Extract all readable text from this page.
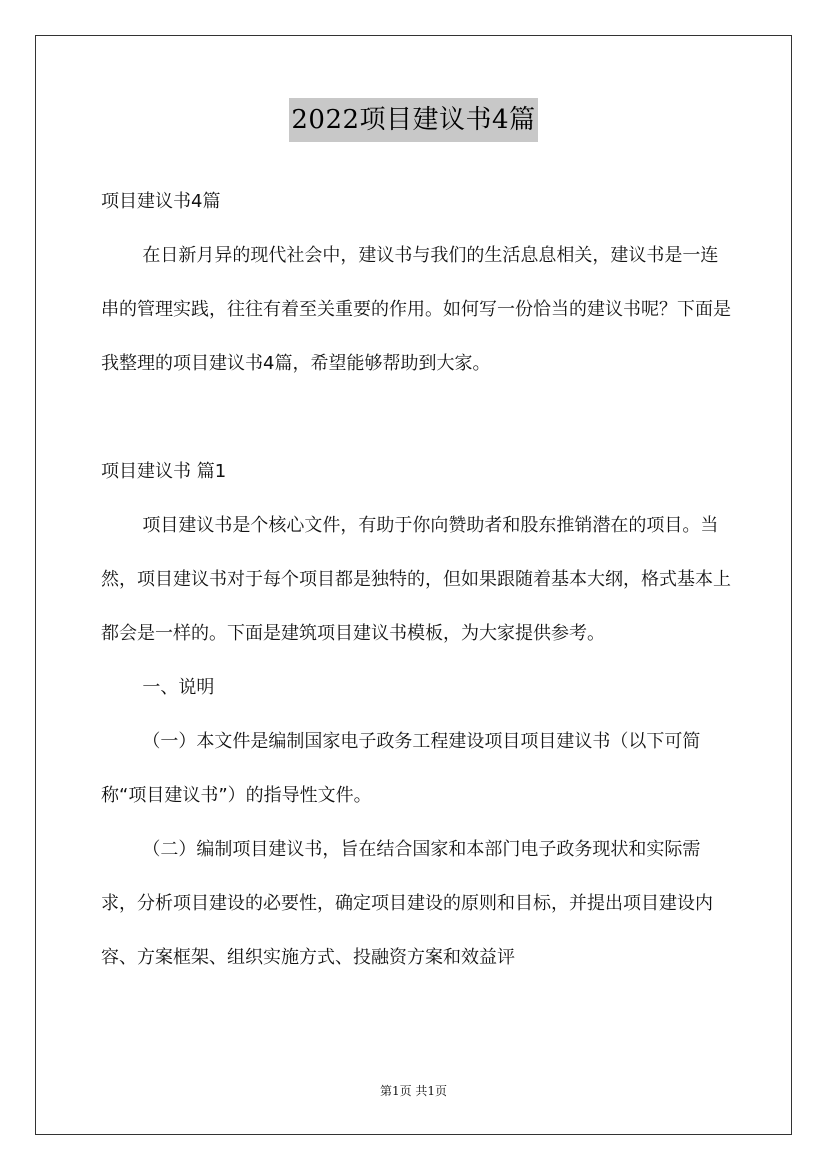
2022项目建议书4篇

项目建议书4篇

在日新月异的现代社会中，建议书与我们的生活息息相关，建议书是一连串的管理实践，往往有着至关重要的作用。如何写一份恰当的建议书呢？下面是我整理的项目建议书4篇，希望能够帮助到大家。

项目建议书 篇1

项目建议书是个核心文件，有助于你向赞助者和股东推销潜在的项目。当然，项目建议书对于每个项目都是独特的，但如果跟随着基本大纲，格式基本上都会是一样的。下面是建筑项目建议书模板，为大家提供参考。

一、说明

（一）本文件是编制国家电子政务工程建设项目项目建议书（以下可简称“项目建议书”）的指导性文件。

（二）编制项目建议书，旨在结合国家和本部门电子政务现状和实际需求，分析项目建设的必要性，确定项目建设的原则和目标，并提出项目建设内容、方案框架、组织实施方式、投融资方案和效益评

第1页 共1页
